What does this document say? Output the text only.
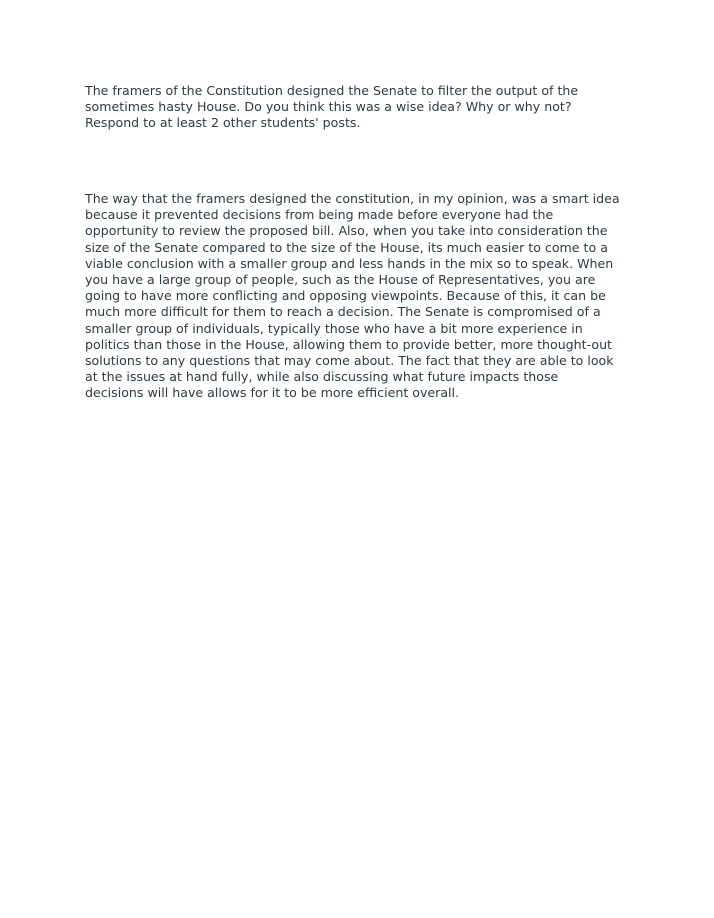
The framers of the Constitution designed the Senate to filter the output of the
sometimes hasty House. Do you think this was a wise idea? Why or why not?
Respond to at least 2 other students' posts.

The way that the framers designed the constitution, in my opinion, was a smart idea
because it prevented decisions from being made before everyone had the
opportunity to review the proposed bill. Also, when you take into consideration the
size of the Senate compared to the size of the House, its much easier to come to a
viable conclusion with a smaller group and less hands in the mix so to speak. When
you have a large group of people, such as the House of Representatives, you are
going to have more conflicting and opposing viewpoints. Because of this, it can be
much more difficult for them to reach a decision. The Senate is compromised of a
smaller group of individuals, typically those who have a bit more experience in
politics than those in the House, allowing them to provide better, more thought-out
solutions to any questions that may come about. The fact that they are able to look
at the issues at hand fully, while also discussing what future impacts those
decisions will have allows for it to be more efficient overall.
